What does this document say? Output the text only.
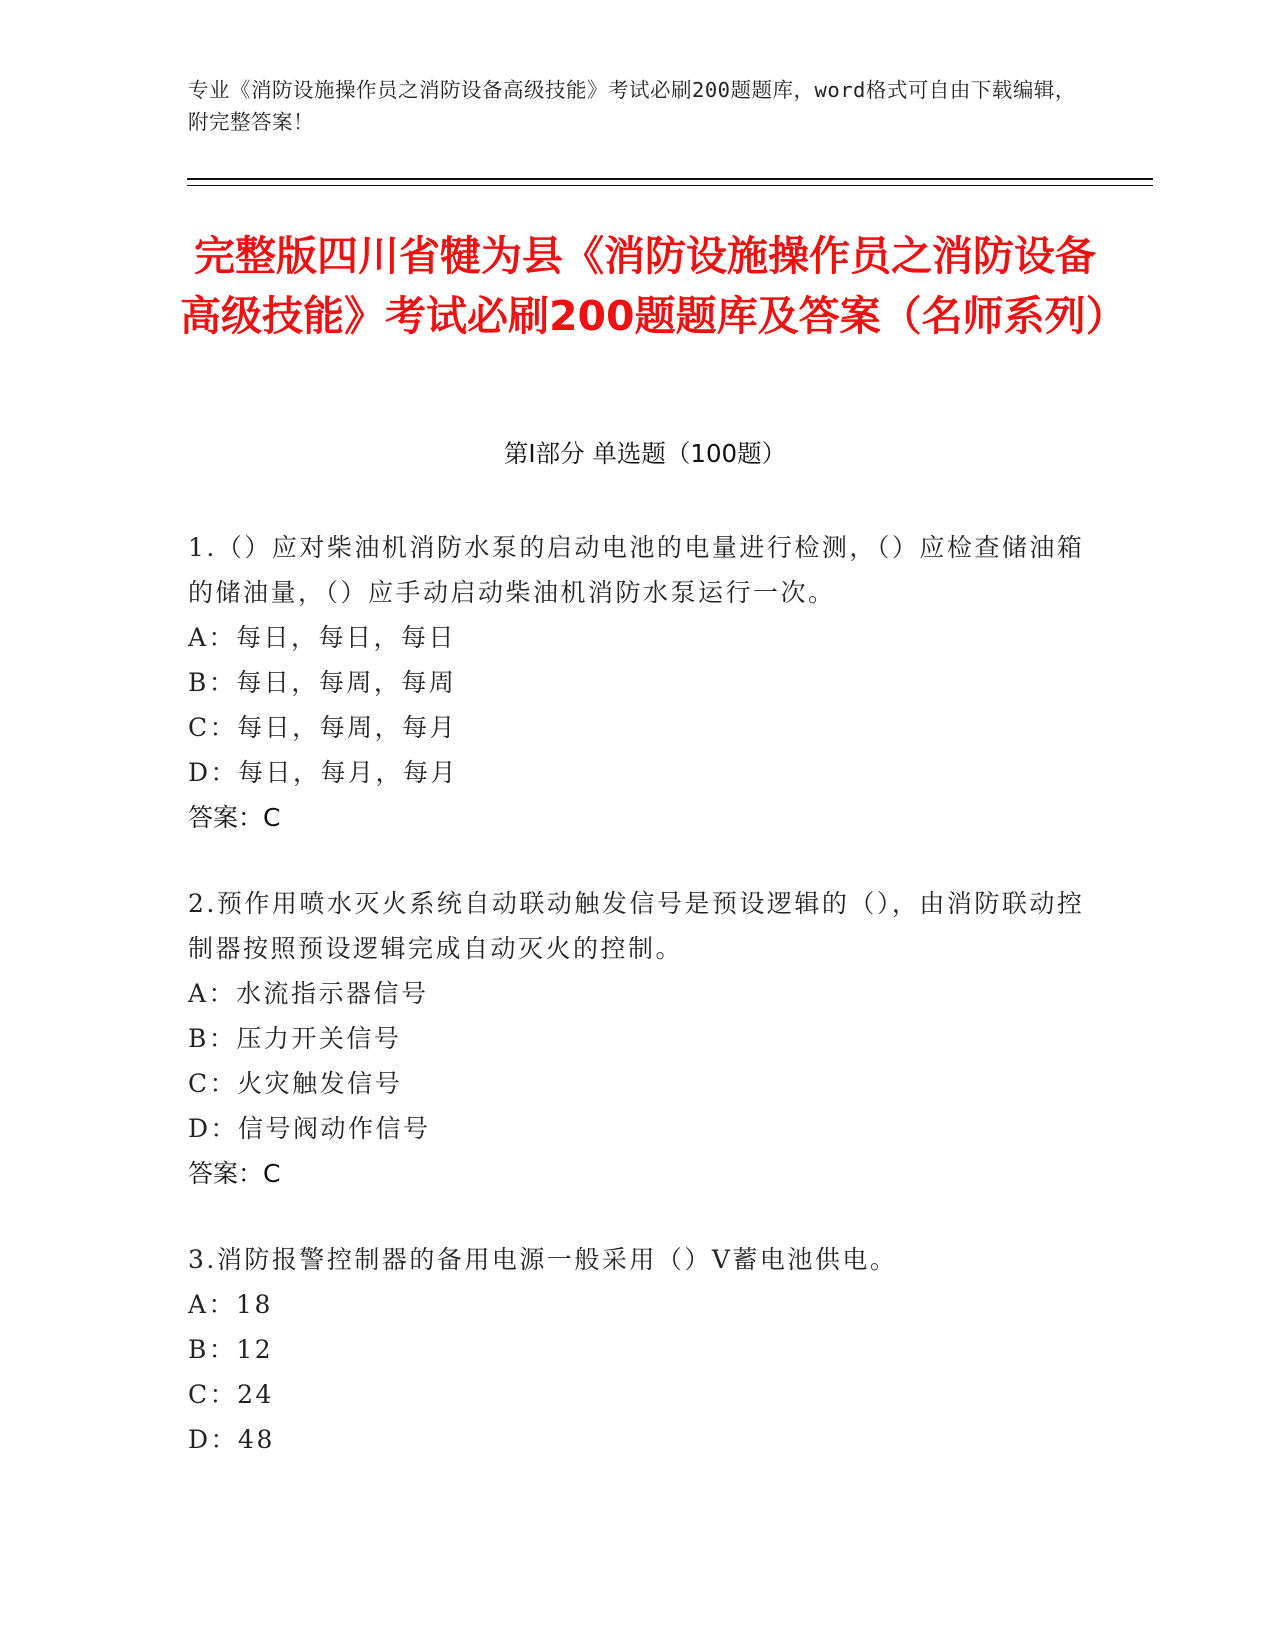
专业《消防设施操作员之消防设备高级技能》考试必刷200题题库，word格式可自由下载编辑，附完整答案！
完整版四川省犍为县《消防设施操作员之消防设备高级技能》考试必刷200题题库及答案（名师系列）
第I部分 单选题（100题）
1.（）应对柴油机消防水泵的启动电池的电量进行检测，（）应检查储油箱的储油量，（）应手动启动柴油机消防水泵运行一次。
A：每日，每日，每日
B：每日，每周，每周
C：每日，每周，每月
D：每日，每月，每月
答案：C
2.预作用喷水灭火系统自动联动触发信号是预设逻辑的（），由消防联动控制器按照预设逻辑完成自动灭火的控制。
A：水流指示器信号
B：压力开关信号
C：火灾触发信号
D：信号阀动作信号
答案：C
3.消防报警控制器的备用电源一般采用（）V蓄电池供电。
A：18
B：12
C：24
D：48
